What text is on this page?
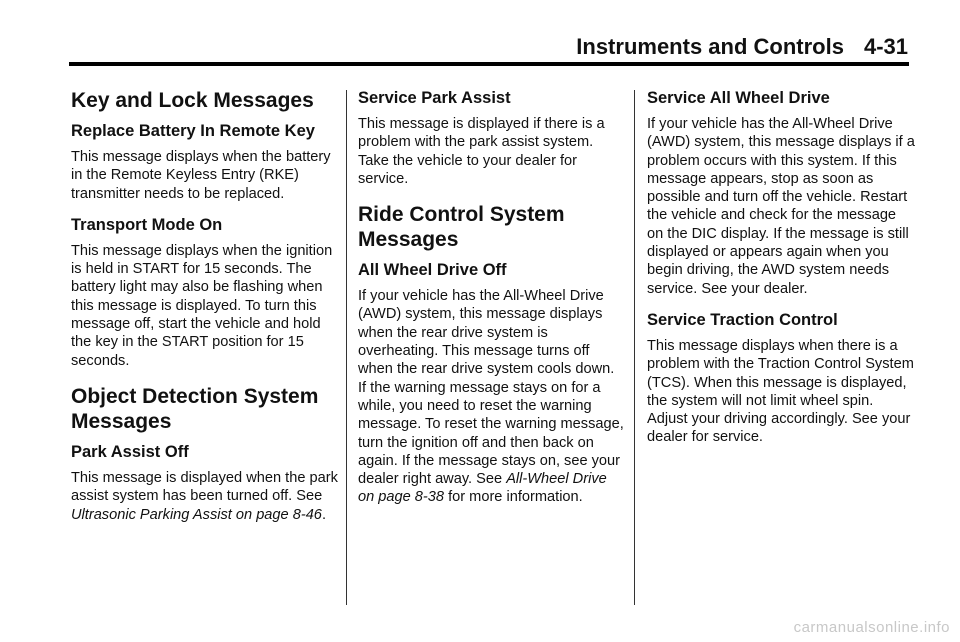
Instruments and Controls 4-31
Key and Lock Messages
Replace Battery In Remote Key

This message displays when the battery in the Remote Keyless Entry (RKE) transmitter needs to be replaced.

Transport Mode On

This message displays when the ignition is held in START for 15 seconds. The battery light may also be flashing when this message is displayed. To turn this message off, start the vehicle and hold the key in the START position for 15 seconds.

Object Detection System Messages
Park Assist Off

This message is displayed when the park assist system has been turned off. See Ultrasonic Parking Assist on page 8‑46.

Service Park Assist

This message is displayed if there is a problem with the park assist system. Take the vehicle to your dealer for service.

Ride Control System Messages
All Wheel Drive Off

If your vehicle has the All-Wheel Drive (AWD) system, this message displays when the rear drive system is overheating. This message turns off when the rear drive system cools down. If the warning message stays on for a while, you need to reset the warning message. To reset the warning message, turn the ignition off and then back on again. If the message stays on, see your dealer right away. See All-Wheel Drive on page 8‑38 for more information.

Service All Wheel Drive

If your vehicle has the All-Wheel Drive (AWD) system, this message displays if a problem occurs with this system. If this message appears, stop as soon as possible and turn off the vehicle. Restart the vehicle and check for the message on the DIC display. If the message is still displayed or appears again when you begin driving, the AWD system needs service. See your dealer.

Service Traction Control

This message displays when there is a problem with the Traction Control System (TCS). When this message is displayed, the system will not limit wheel spin. Adjust your driving accordingly. See your dealer for service.

carmanualsonline.info
